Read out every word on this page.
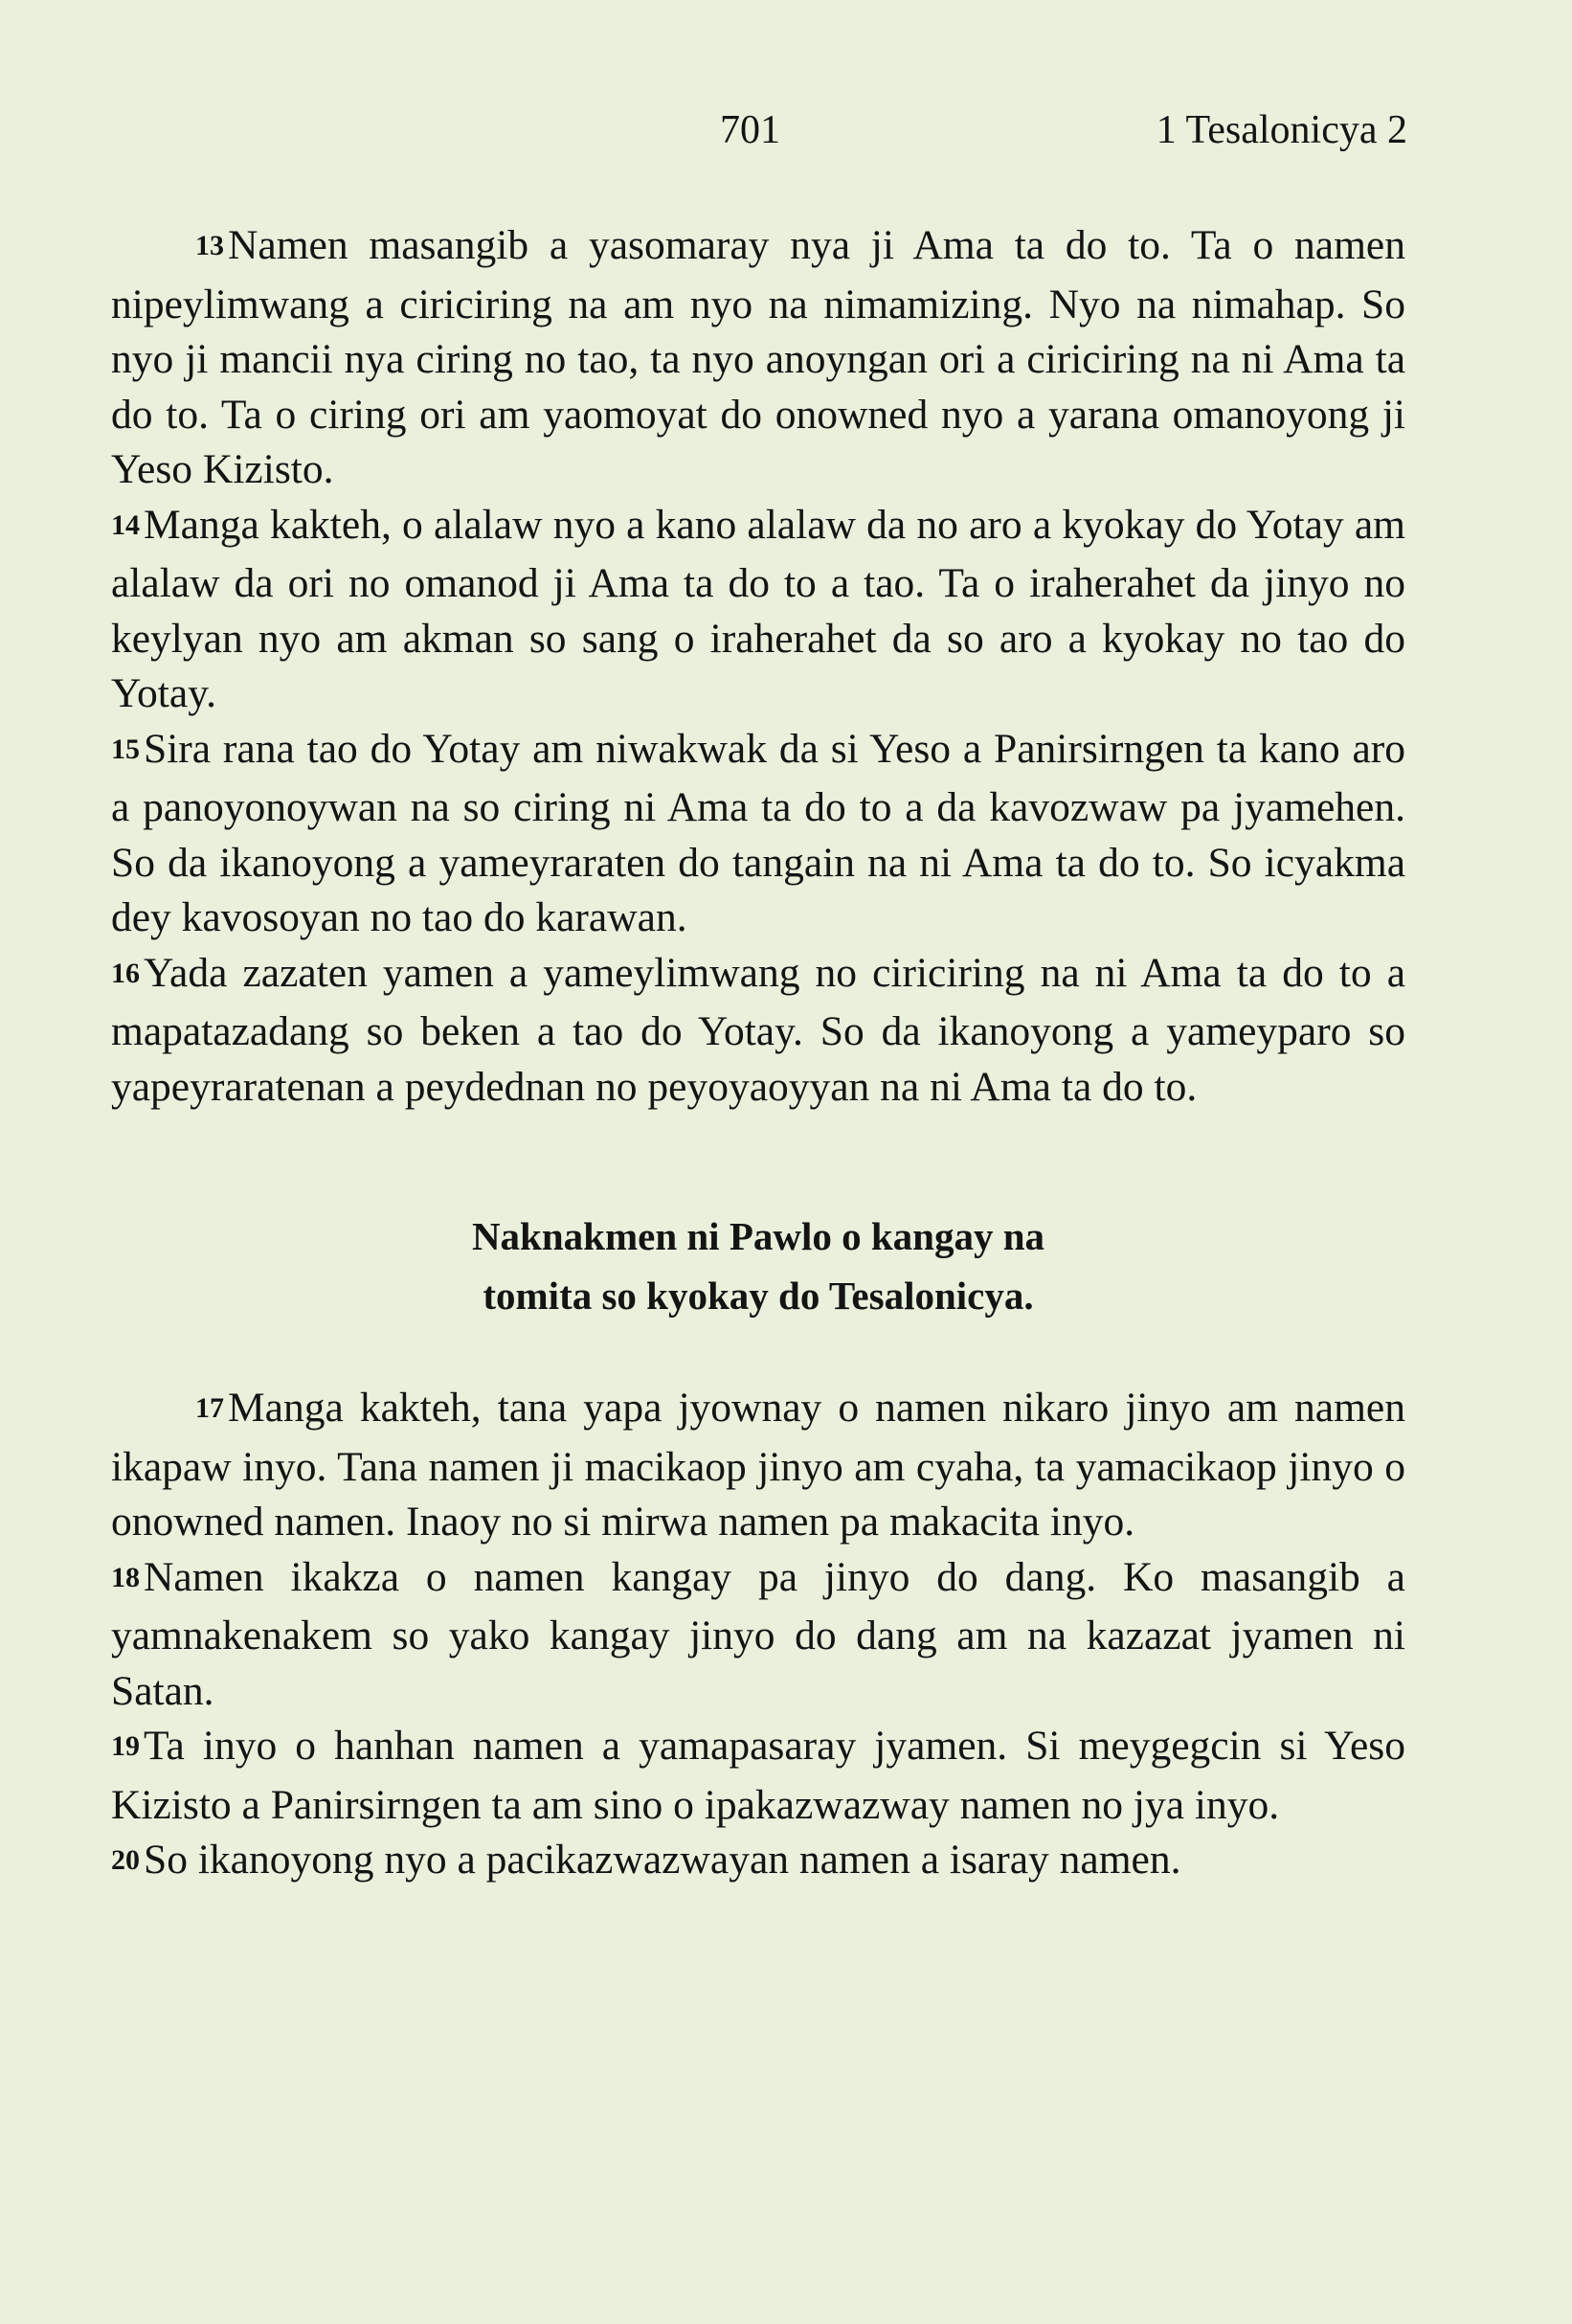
701	1 Tesalonicya 2

13Namen masangib a yasomaray nya ji Ama ta do to. Ta o namen nipeylimwang a ciriciring na am nyo na nimamizing. Nyo na nimahap. So nyo ji mancii nya ciring no tao, ta nyo anoyngan ori a ciriciring na ni Ama ta do to. Ta o ciring ori am yaomoyat do onowned nyo a yarana omanoyong ji Yeso Kizisto.

14Manga kakteh, o alalaw nyo a kano alalaw da no aro a kyokay do Yotay am alalaw da ori no omanod ji Ama ta do to a tao. Ta o iraherahet da jinyo no keylyan nyo am akman so sang o iraherahet da so aro a kyokay no tao do Yotay.

15Sira rana tao do Yotay am niwakwak da si Yeso a Panirsirngen ta kano aro a panoyonoywan na so ciring ni Ama ta do to a da kavozwaw pa jyamehen. So da ikanoyong a yameyraraten do tangain na ni Ama ta do to. So icyakma dey kavosoyan no tao do karawan.

16Yada zazaten yamen a yameylimwang no ciriciring na ni Ama ta do to a mapatazadang so beken a tao do Yotay. So da ikanoyong a yameyparo so yapeyraratenan a peydednan no peyoyaoyyan na ni Ama ta do to.

Naknakmen ni Pawlo o kangay na
tomita so kyokay do Tesalonicya.

17Manga kakteh, tana yapa jyownay o namen nikaro jinyo am namen ikapaw inyo. Tana namen ji macikaop jinyo am cyaha, ta yamacikaop jinyo o onowned namen. Inaoy no si mirwa namen pa makacita inyo.

18Namen ikakza o namen kangay pa jinyo do dang. Ko masangib a yamnakenakem so yako kangay jinyo do dang am na kazazat jyamen ni Satan.

19Ta inyo o hanhan namen a yamapasaray jyamen. Si meygegcin si Yeso Kizisto a Panirsirngen ta am sino o ipakazwazway namen no jya inyo.

20So ikanoyong nyo a pacikazwazwayan namen a isaray namen.
